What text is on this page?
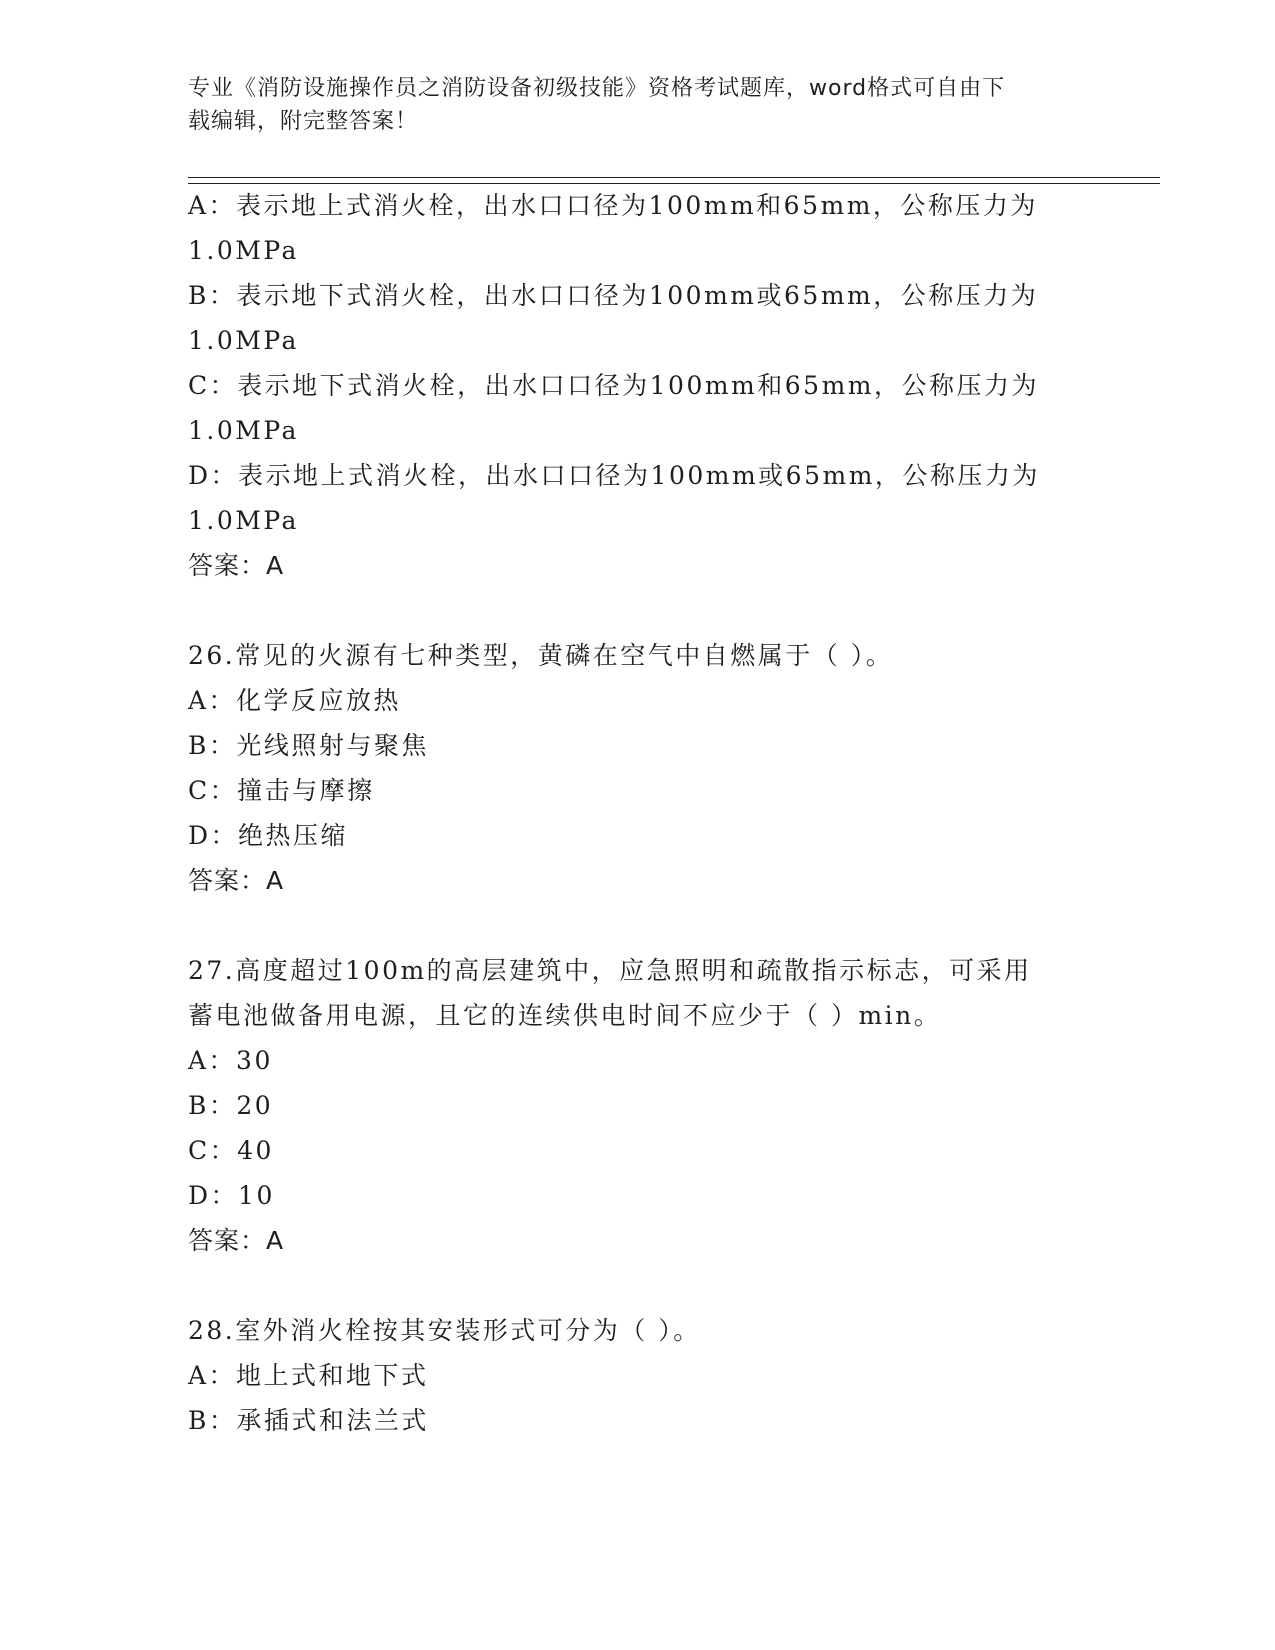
专业《消防设施操作员之消防设备初级技能》资格考试题库，word格式可自由下
载编辑，附完整答案！
A：表示地上式消火栓，出水口口径为100mm和65mm，公称压力为
1.0MPa
B：表示地下式消火栓，出水口口径为100mm或65mm，公称压力为
1.0MPa
C：表示地下式消火栓，出水口口径为100mm和65mm，公称压力为
1.0MPa
D：表示地上式消火栓，出水口口径为100mm或65mm，公称压力为
1.0MPa
答案：A
26.常见的火源有七种类型，黄磷在空气中自燃属于（ ）。
A：化学反应放热
B：光线照射与聚焦
C：撞击与摩擦
D：绝热压缩
答案：A
27.高度超过100m的高层建筑中，应急照明和疏散指示标志，可采用
蓄电池做备用电源，且它的连续供电时间不应少于（ ）min。
A：30
B：20
C：40
D：10
答案：A
28.室外消火栓按其安装形式可分为（ ）。
A：地上式和地下式
B：承插式和法兰式
